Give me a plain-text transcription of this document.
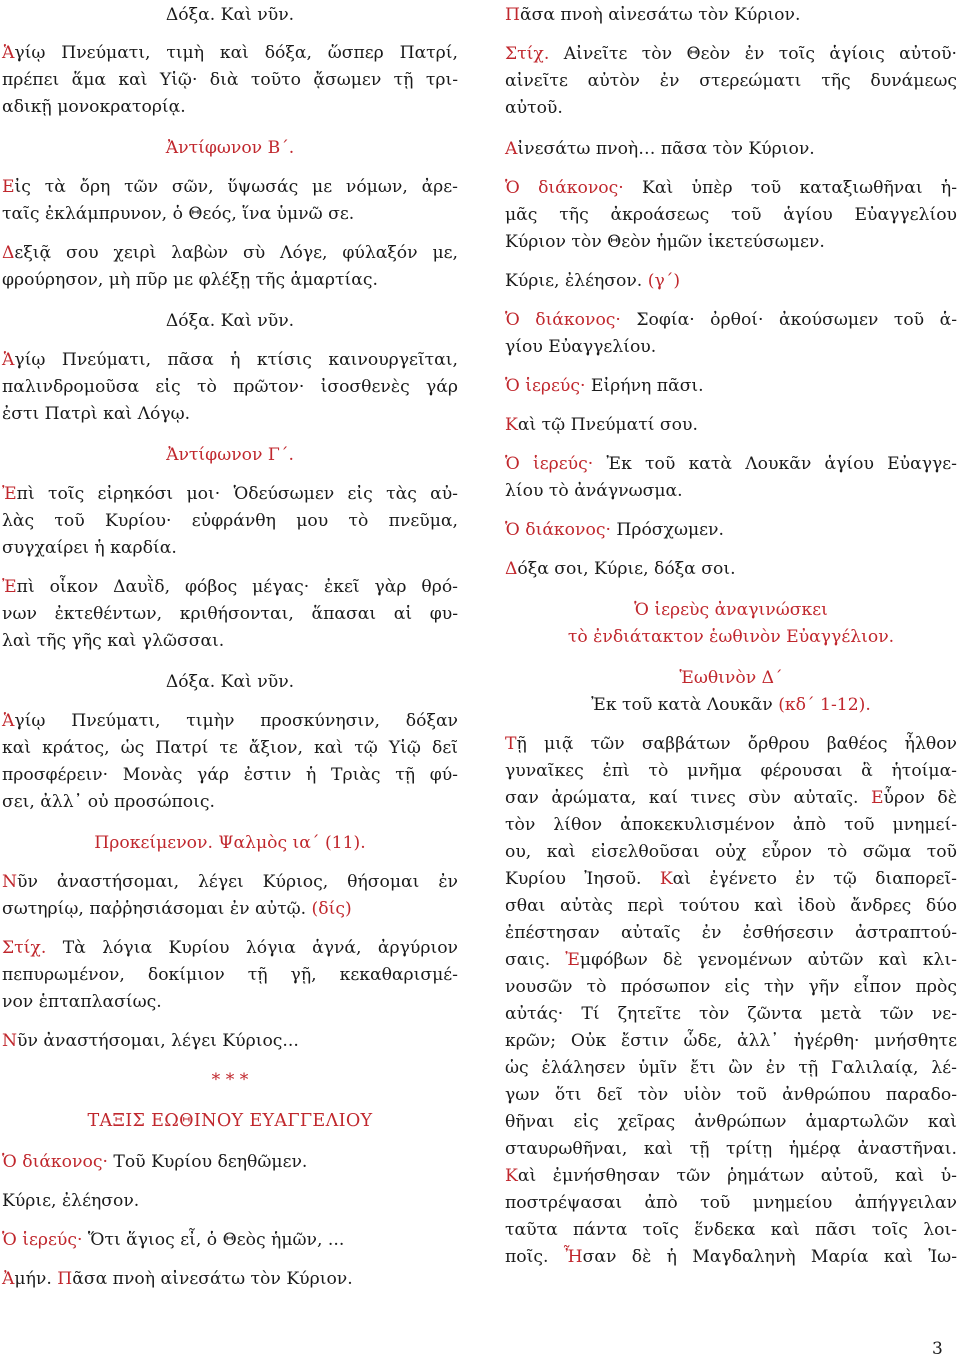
Δόξα. Καὶ νῦν.
Ἁγίῳ Πνεύματι, τιμὴ καὶ δόξα, ὥσπερ Πατρί,
πρέπει ἅμα καὶ Υἱῷ· διὰ τοῦτο ᾄσωμεν τῇ τρι-
αδικῇ μονοκρατορίᾳ.
Ἀντίφωνον Β΄.
Εἰς τὰ ὄρη τῶν σῶν, ὕψωσάς με νόμων, ἀρε-
ταῖς ἐκλάμπρυνον, ὁ Θεός, ἵνα ὑμνῶ σε.
Δεξιᾷ σου χειρὶ λαβὼν σὺ Λόγε, φύλαξόν με,
φρούρησον, μὴ πῦρ με φλέξῃ τῆς ἁμαρτίας.
Δόξα. Καὶ νῦν.
Ἁγίῳ Πνεύματι, πᾶσα ἡ κτίσις καινουργεῖται,
παλινδρομοῦσα εἰς τὸ πρῶτον· ἰσοσθενὲς γάρ
ἐστι Πατρὶ καὶ Λόγῳ.
Ἀντίφωνον Γ΄.
Ἐπὶ τοῖς εἰρηκόσι μοι· Ὁδεύσωμεν εἰς τὰς αὐ-
λὰς τοῦ Κυρίου· εὐφράνθη μου τὸ πνεῦμα,
συγχαίρει ἡ καρδία.
Ἐπὶ οἶκον Δαυῒδ, φόβος μέγας· ἐκεῖ γὰρ θρό-
νων ἐκτεθέντων, κριθήσονται, ἅπασαι αἱ φυ-
λαὶ τῆς γῆς καὶ γλῶσσαι.
Δόξα. Καὶ νῦν.
Ἁγίῳ Πνεύματι, τιμὴν προσκύνησιν, δόξαν
καὶ κράτος, ὡς Πατρί τε ἄξιον, καὶ τῷ Υἱῷ δεῖ
προσφέρειν· Μονὰς γάρ ἐστιν ἡ Τριὰς τῇ φύ-
σει, ἀλλ᾽ οὐ προσώποις.
Προκείμενον. Ψαλμὸς ια΄ (11).
Νῦν ἀναστήσομαι, λέγει Κύριος, θήσομαι ἐν
σωτηρίῳ, παῤῥησιάσομαι ἐν αὐτῷ. (δίς)
Στίχ. Τὰ λόγια Κυρίου λόγια ἁγνά, ἀργύριον
πεπυρωμένον, δοκίμιον τῇ γῇ, κεκαθαρισμέ-
νον ἑπταπλασίως.
Νῦν ἀναστήσομαι, λέγει Κύριος...
* * *
ΤΑΞΙΣ ΕΩΘΙΝΟΥ ΕΥΑΓΓΕΛΙΟΥ
Ὁ διάκονος· Τοῦ Κυρίου δεηθῶμεν.
Κύριε, ἐλέησον.
Ὁ ἱερεύς· Ὅτι ἅγιος εἶ, ὁ Θεὸς ἡμῶν, ...
Ἀμήν. Πᾶσα πνοὴ αἰνεσάτω τὸν Κύριον.
Πᾶσα πνοὴ αἰνεσάτω τὸν Κύριον.
Στίχ. Αἰνεῖτε τὸν Θεὸν ἐν τοῖς ἁγίοις αὐτοῦ·
αἰνεῖτε αὐτὸν ἐν στερεώματι τῆς δυνάμεως
αὐτοῦ.
Αἰνεσάτω πνοὴ… πᾶσα τὸν Κύριον.
Ὁ διάκονος· Καὶ ὑπὲρ τοῦ καταξιωθῆναι ἡ-
μᾶς τῆς ἀκροάσεως τοῦ ἁγίου Εὐαγγελίου
Κύριον τὸν Θεὸν ἡμῶν ἱκετεύσωμεν.
Κύριε, ἐλέησον. (γ΄)
Ὁ διάκονος· Σοφία· ὀρθοί· ἀκούσωμεν τοῦ ἁ-
γίου Εὐαγγελίου.
Ὁ ἱερεύς· Εἰρήνη πᾶσι.
Καὶ τῷ Πνεύματί σου.
Ὁ ἱερεύς· Ἐκ τοῦ κατὰ Λουκᾶν ἁγίου Εὐαγγε-
λίου τὸ ἀνάγνωσμα.
Ὁ διάκονος· Πρόσχωμεν.
Δόξα σοι, Κύριε, δόξα σοι.
Ὁ ἱερεὺς ἀναγινώσκει
τὸ ἐνδιάτακτον ἑωθινὸν Εὐαγγέλιον.
Ἑωθινὸν Δ΄
Ἐκ τοῦ κατὰ Λουκᾶν (κδ΄ 1-12).
Τῇ μιᾷ τῶν σαββάτων ὄρθρου βαθέος ἦλθον
γυναῖκες ἐπὶ τὸ μνῆμα φέρουσαι ἃ ἡτοίμα-
σαν ἀρώματα, καί τινες σὺν αὐταῖς. Εὗρον δὲ
τὸν λίθον ἀποκεκυλισμένον ἀπὸ τοῦ μνημεί-
ου, καὶ εἰσελθοῦσαι οὐχ εὗρον τὸ σῶμα τοῦ
Κυρίου Ἰησοῦ. Καὶ ἐγένετο ἐν τῷ διαπορεῖ-
σθαι αὐτὰς περὶ τούτου καὶ ἰδοὺ ἄνδρες δύο
ἐπέστησαν αὐταῖς ἐν ἐσθήσεσιν ἀστραπτού-
σαις. Ἐμφόβων δὲ γενομένων αὐτῶν καὶ κλι-
νουσῶν τὸ πρόσωπον εἰς τὴν γῆν εἶπον πρὸς
αὐτάς· Τί ζητεῖτε τὸν ζῶντα μετὰ τῶν νε-
κρῶν; Οὐκ ἔστιν ὧδε, ἀλλ᾽ ἠγέρθη· μνήσθητε
ὡς ἐλάλησεν ὑμῖν ἔτι ὢν ἐν τῇ Γαλιλαίᾳ, λέ-
γων ὅτι δεῖ τὸν υἱὸν τοῦ ἀνθρώπου παραδο-
θῆναι εἰς χεῖρας ἀνθρώπων ἁμαρτωλῶν καὶ
σταυρωθῆναι, καὶ τῇ τρίτῃ ἡμέρᾳ ἀναστῆναι.
Καὶ ἐμνήσθησαν τῶν ῥημάτων αὐτοῦ, καὶ ὑ-
ποστρέψασαι ἀπὸ τοῦ μνημείου ἀπήγγειλαν
ταῦτα πάντα τοῖς ἕνδεκα καὶ πᾶσι τοῖς λοι-
ποῖς. Ἦσαν δὲ ἡ Μαγδαληνὴ Μαρία καὶ Ἰω-
3
